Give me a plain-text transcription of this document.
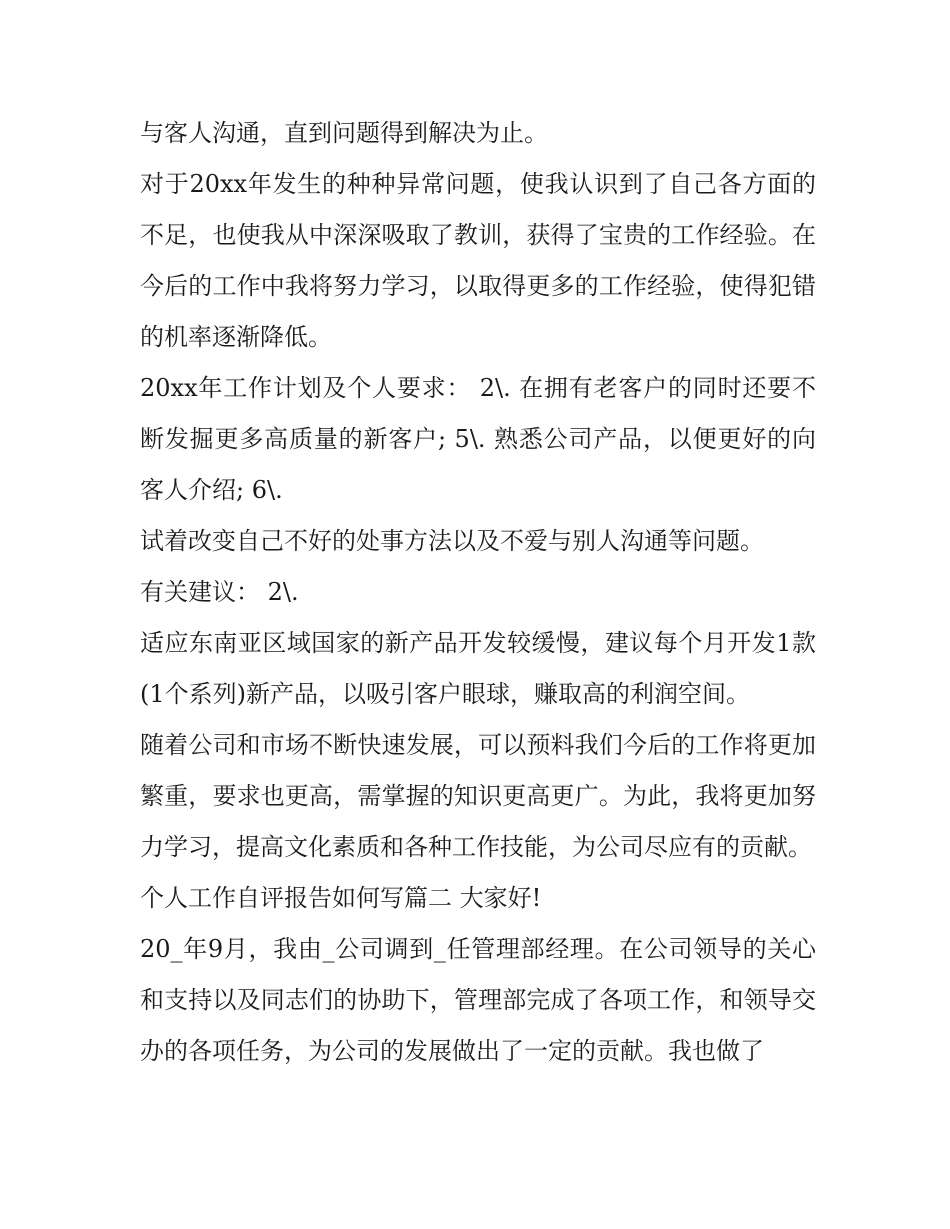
与客人沟通，直到问题得到解决为止。

对于20xx年发生的种种异常问题，使我认识到了自己各方面的不足，也使我从中深深吸取了教训，获得了宝贵的工作经验。在今后的工作中我将努力学习，以取得更多的工作经验，使得犯错的机率逐渐降低。

20xx年工作计划及个人要求： 2\. 在拥有老客户的同时还要不断发掘更多高质量的新客户; 5\. 熟悉公司产品，以便更好的向客人介绍; 6\.

试着改变自己不好的处事方法以及不爱与别人沟通等问题。

有关建议： 2\.

适应东南亚区域国家的新产品开发较缓慢，建议每个月开发1款(1个系列)新产品，以吸引客户眼球，赚取高的利润空间。

随着公司和市场不断快速发展，可以预料我们今后的工作将更加繁重，要求也更高，需掌握的知识更高更广。为此，我将更加努力学习，提高文化素质和各种工作技能，为公司尽应有的贡献。

个人工作自评报告如何写篇二 大家好!

20_年9月，我由_公司调到_任管理部经理。在公司领导的关心和支持以及同志们的协助下，管理部完成了各项工作，和领导交办的各项任务，为公司的发展做出了一定的贡献。我也做了
